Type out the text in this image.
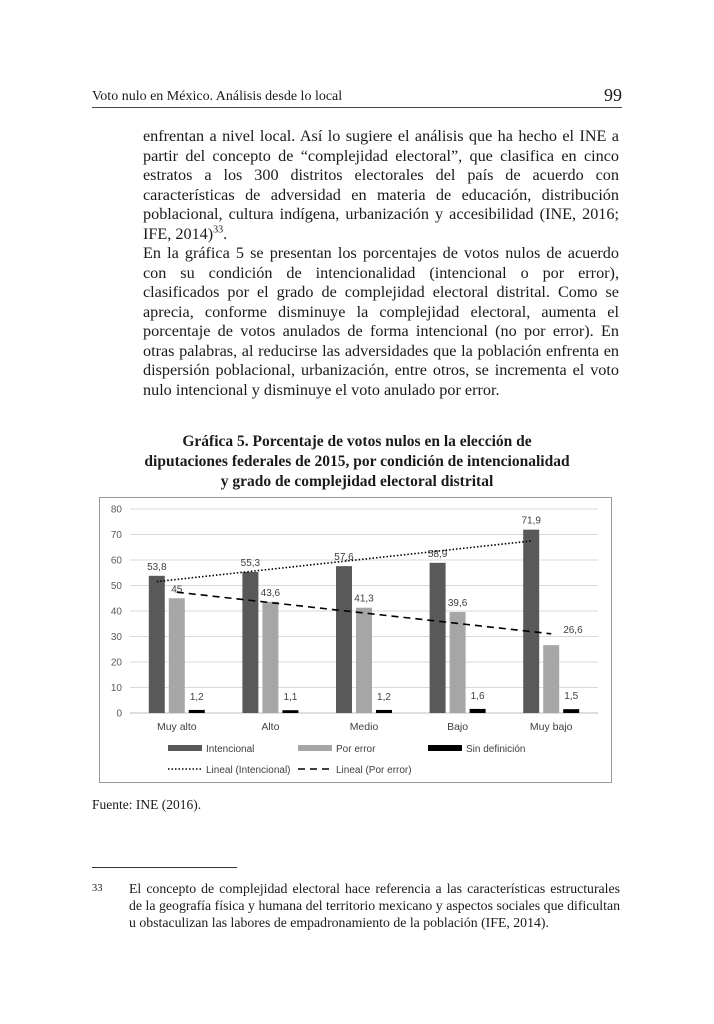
Voto nulo en México. Análisis desde lo local	99

enfrentan a nivel local. Así lo sugiere el análisis que ha hecho el INE a partir del concepto de “complejidad electoral”, que clasifica en cinco estratos a los 300 distritos electorales del país de acuerdo con características de adversidad en materia de educación, distribución poblacional, cultura indígena, urbanización y accesibilidad (INE, 2016; IFE, 2014)$^{33}$.

En la gráfica 5 se presentan los porcentajes de votos nulos de acuerdo con su condición de intencionalidad (intencional o por error), clasificados por el grado de complejidad electoral distrital. Como se aprecia, conforme disminuye la complejidad electoral, aumenta el porcentaje de votos anulados de forma intencional (no por error). En otras palabras, al reducirse las adversidades que la población enfrenta en dispersión poblacional, urbanización, entre otros, se incrementa el voto nulo intencional y disminuye el voto anulado por error.

Gráfica 5. Porcentaje de votos nulos en la elección de
diputaciones federales de 2015, por condición de intencionalidad
y grado de complejidad electoral distrital
0
10
20
30
40
50
60
70
80
53,8	55,3
57,6	58,9
71,9
45	43,6
41,3	39,6
26,6
1,2	1,1	1,2	1,6	1,5
Muy alto	Alto	Medio	Bajo	Muy bajo
Intencional	Por error	Sin definición
Lineal (Intencional)	Lineal (Por error)
Fuente: INE (2016).
33 El concepto de complejidad electoral hace referencia a las características estructurales de la geografía física y humana del territorio mexicano y aspectos sociales que dificultan u obstaculizan las labores de empadronamiento de la población (IFE, 2014).
